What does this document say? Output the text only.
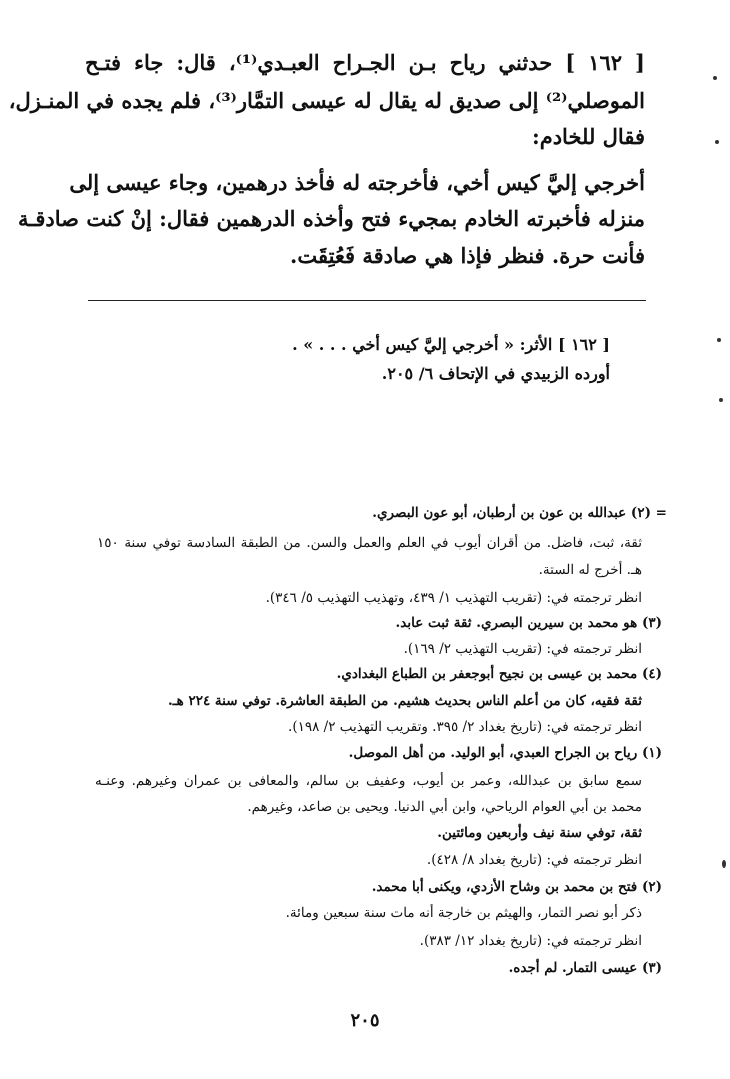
[ ١٦٢ ] حدثني رياح بـن الجـراح العبـدي⁽¹⁾، قال: جاء فتـح
الموصلي⁽²⁾ إلى صديق له يقال له عيسى التمَّار⁽³⁾، فلم يجده في المنـزل،
فقال للخادم:
أخرجي إليَّ كيس أخي، فأخرجته له فأخذ درهمين، وجاء عيسى إلى
منزله فأخبرته الخادم بمجيء فتح وأخذه الدرهمين فقال: إنْ كنت صادقـة
فأنت حرة. فنظر فإذا هي صادقة فَعُتِقَت.
[ ١٦٢ ] الأثر: « أخرجي إليَّ كيس أخي . . . » .
أورده الزبيدي في الإتحاف ٦/ ٢٠٥.
= (٢) عبدالله بن عون بن أرطبان، أبو عون البصري.
ثقة، ثبت، فاضل. من أقران أيوب في العلم والعمل والسن. من الطبقة السادسة توفي سنة ١٥٠
هـ. أخرج له الستة.
انظر ترجمته في: (تقريب التهذيب ١/ ٤٣٩، وتهذيب التهذيب ٥/ ٣٤٦).
(٣) هو محمد بن سيرين البصري. ثقة ثبت عابد.
انظر ترجمته في: (تقريب التهذيب ٢/ ١٦٩).
(٤) محمد بن عيسى بن نجيح أبوجعفر بن الطباع البغدادي.
ثقة فقيه، كان من أعلم الناس بحديث هشيم. من الطبقة العاشرة. توفي سنة ٢٢٤ هـ.
انظر ترجمته في: (تاريخ بغداد ٢/ ٣٩٥. وتقريب التهذيب ٢/ ١٩٨).
(١) رياح بن الجراح العبدي، أبو الوليد. من أهل الموصل.
سمع سابق بن عبدالله، وعمر بن أيوب، وعفيف بن سالم، والمعافى بن عمران وغيرهم. وعنـه
محمد بن أبي العوام الرياحي، وابن أبي الدنيا. ويحيى بن صاعد، وغيرهم.
ثقة، توفي سنة نيف وأربعين ومائتين.
انظر ترجمته في: (تاريخ بغداد ٨/ ٤٢٨).
(٢) فتح بن محمد بن وشاح الأزدي، ويكنى أبا محمد.
ذكر أبو نصر التمار، والهيثم بن خارجة أنه مات سنة سبعين ومائة.
انظر ترجمته في: (تاريخ بغداد ١٢/ ٣٨٣).
(٣) عيسى التمار. لم أجده.
٢٠٥
